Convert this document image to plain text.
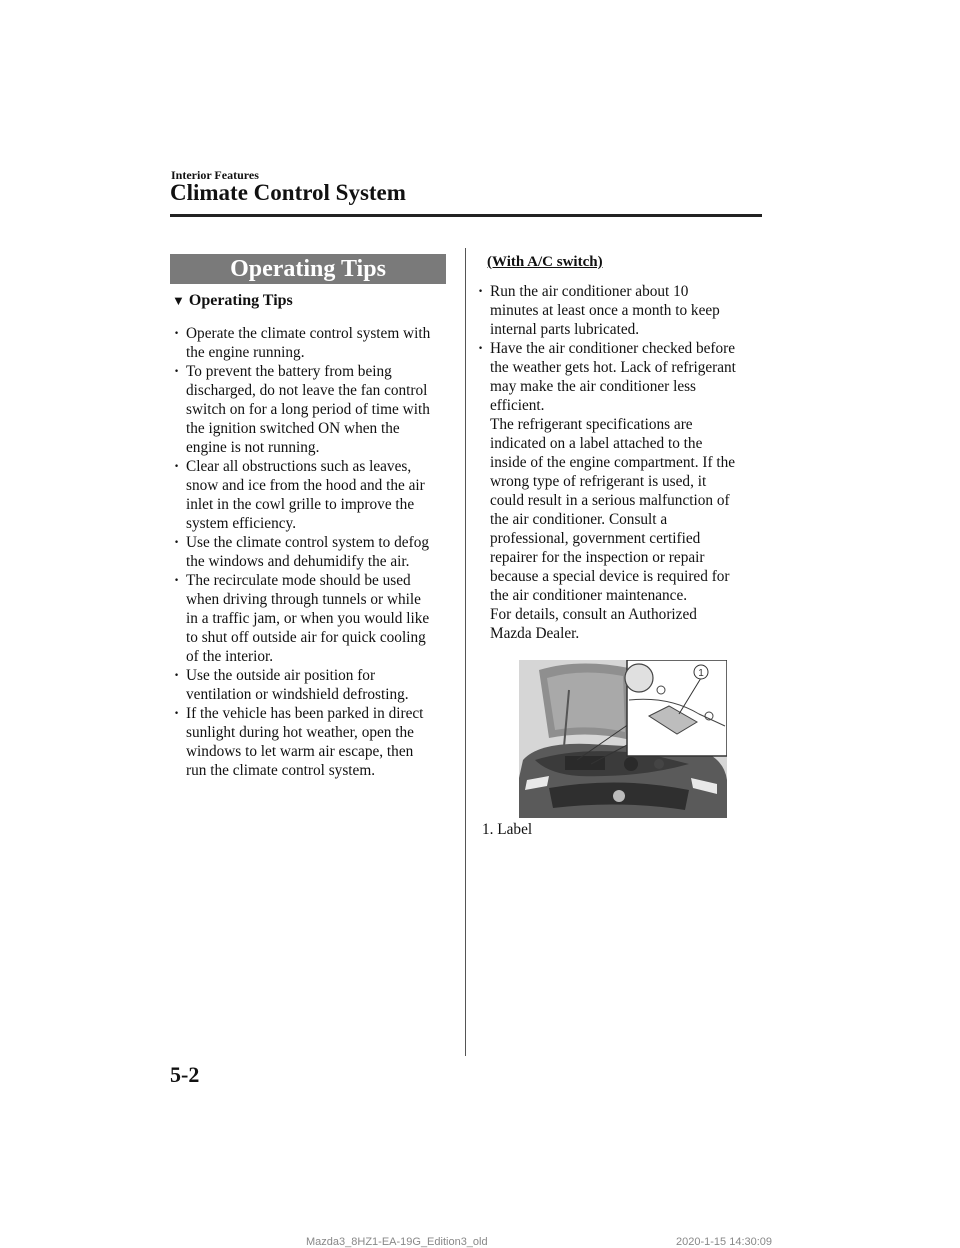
Interior Features
Climate Control System
Operating Tips
▼ Operating Tips
· Operate the climate control system with
the engine running.
· To prevent the battery from being
discharged, do not leave the fan control
switch on for a long period of time with
the ignition switched ON when the
engine is not running.
· Clear all obstructions such as leaves,
snow and ice from the hood and the air
inlet in the cowl grille to improve the
system efficiency.
· Use the climate control system to defog
the windows and dehumidify the air.
· The recirculate mode should be used
when driving through tunnels or while
in a traffic jam, or when you would like
to shut off outside air for quick cooling
of the interior.
· Use the outside air position for
ventilation or windshield defrosting.
· If the vehicle has been parked in direct
sunlight during hot weather, open the
windows to let warm air escape, then
run the climate control system.
(With A/C switch)
· Run the air conditioner about 10
minutes at least once a month to keep
internal parts lubricated.
· Have the air conditioner checked before
the weather gets hot. Lack of refrigerant
may make the air conditioner less
efficient.
The refrigerant specifications are
indicated on a label attached to the
inside of the engine compartment. If the
wrong type of refrigerant is used, it
could result in a serious malfunction of
the air conditioner. Consult a
professional, government certified
repairer for the inspection or repair
because a special device is required for
the air conditioner maintenance.
For details, consult an Authorized
Mazda Dealer.
1
1. Label
5-2
Mazda3_8HZ1-EA-19G_Edition3_old	2020-1-15 14:30:09
